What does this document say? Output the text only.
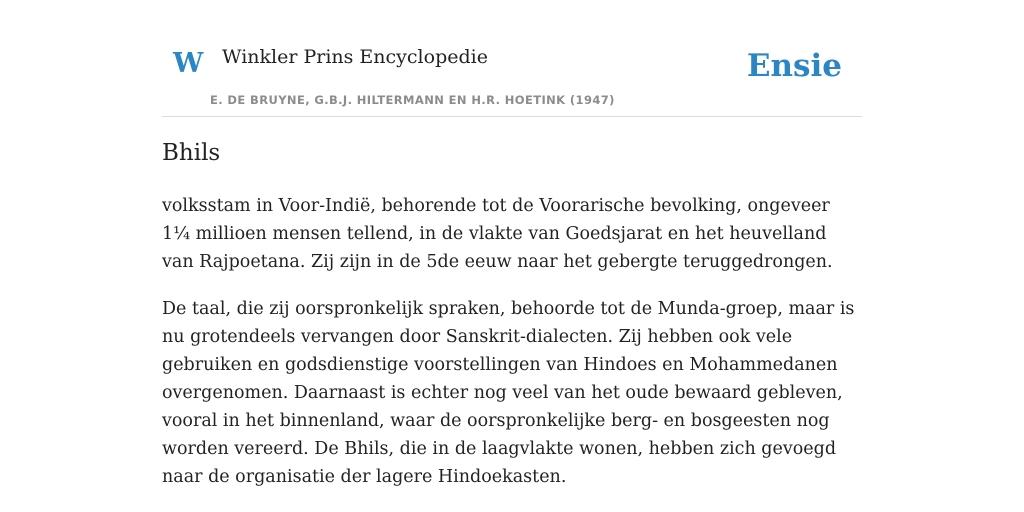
W Winkler Prins Encyclopedie
E. DE BRUYNE, G.B.J. HILTERMANN EN H.R. HOETINK (1947)
Ensie
Bhils

volksstam in Voor-Indië, behorende tot de Voorarische bevolking, ongeveer 1¼ millioen mensen tellend, in de vlakte van Goedsjarat en het heuvelland van Rajpoetana. Zij zijn in de 5de eeuw naar het gebergte teruggedrongen.

De taal, die zij oorspronkelijk spraken, behoorde tot de Munda-groep, maar is nu grotendeels vervangen door Sanskrit-dialecten. Zij hebben ook vele gebruiken en godsdienstige voorstellingen van Hindoes en Mohammedanen overgenomen. Daarnaast is echter nog veel van het oude bewaard gebleven, vooral in het binnenland, waar de oorspronkelijke berg- en bosgeesten nog worden vereerd. De Bhils, die in de laagvlakte wonen, hebben zich gevoegd naar de organisatie der lagere Hindoekasten.
